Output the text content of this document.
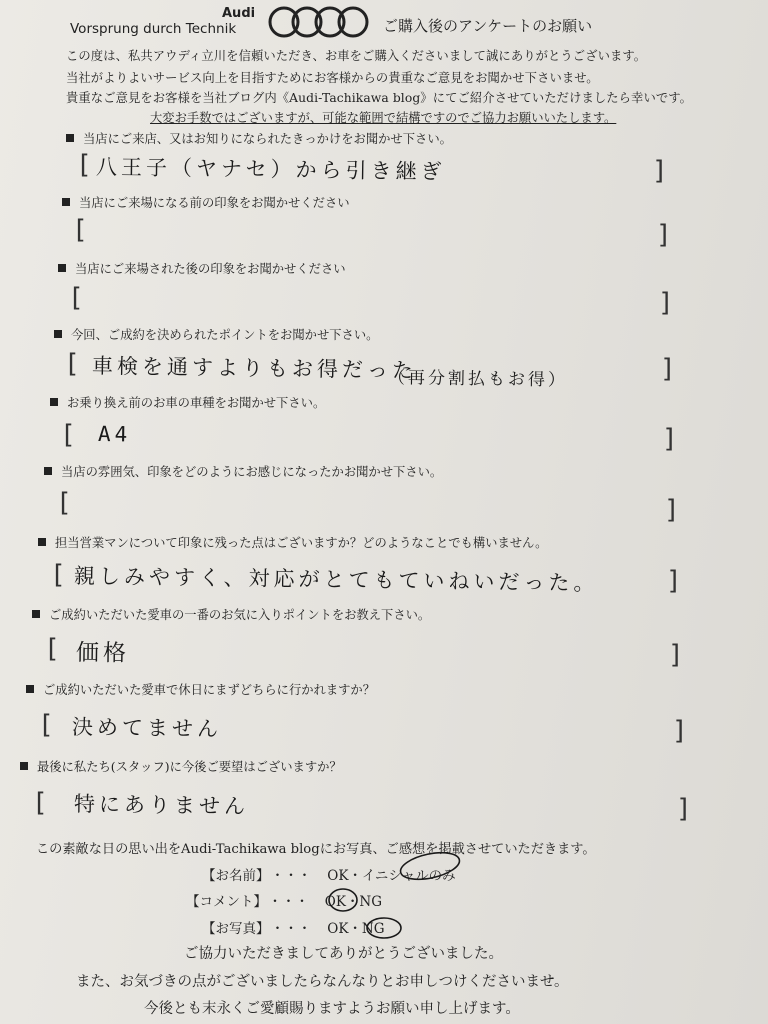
Audi
Vorsprung durch Technik	ご購入後のアンケートのお願い
この度は、私共アウディ立川を信頼いただき、お車をご購入くださいまして誠にありがとうございます。
当社がよりよいサービス向上を目指すためにお客様からの貴重なご意見をお聞かせ下さいませ。
貴重なご意見をお客様を当社ブログ内《Audi-Tachikawa blog》にてご紹介させていただけましたら幸いです。
大変お手数ではございますが、可能な範囲で結構ですのでご協力お願いいたします。
当店にご来店、又はお知りになられたきっかけをお聞かせ下さい。
[ 八王子（ヤナセ）から引き継ぎ	]
当店にご来場になる前の印象をお聞かせください
[	]
当店にご来場された後の印象をお聞かせください
[	]
今回、ご成約を決められたポイントをお聞かせ下さい。
[ 車検を通すよりもお得だった
（再分割払もお得）	]
お乗り換え前のお車の車種をお聞かせ下さい。
[ A4	]
当店の雰囲気、印象をどのようにお感じになったかお聞かせ下さい。
[	]
担当営業マンについて印象に残った点はございますか？どのようなことでも構いません。
[ 親しみやすく、対応がとてもていねいだった。	]
ご成約いただいた愛車の一番のお気に入りポイントをお教え下さい。
[ 価格	]
ご成約いただいた愛車で休日にまずどちらに行かれますか？
[ 決めてません	]
最後に私たち(スタッフ)に今後ご要望はございますか？
[ 特にありません	]
この素敵な日の思い出をAudi-Tachikawa blogにお写真、ご感想を掲載させていただきます。
【お名前】 ・・・ OK・イニシャルのみ
【コメント】 ・・・ OK・NG
【お写真】 ・・・ OK・NG
ご協力いただきましてありがとうございました。
また、お気づきの点がございましたらなんなりとお申しつけくださいませ。
今後とも末永くご愛顧賜りますようお願い申し上げます。
